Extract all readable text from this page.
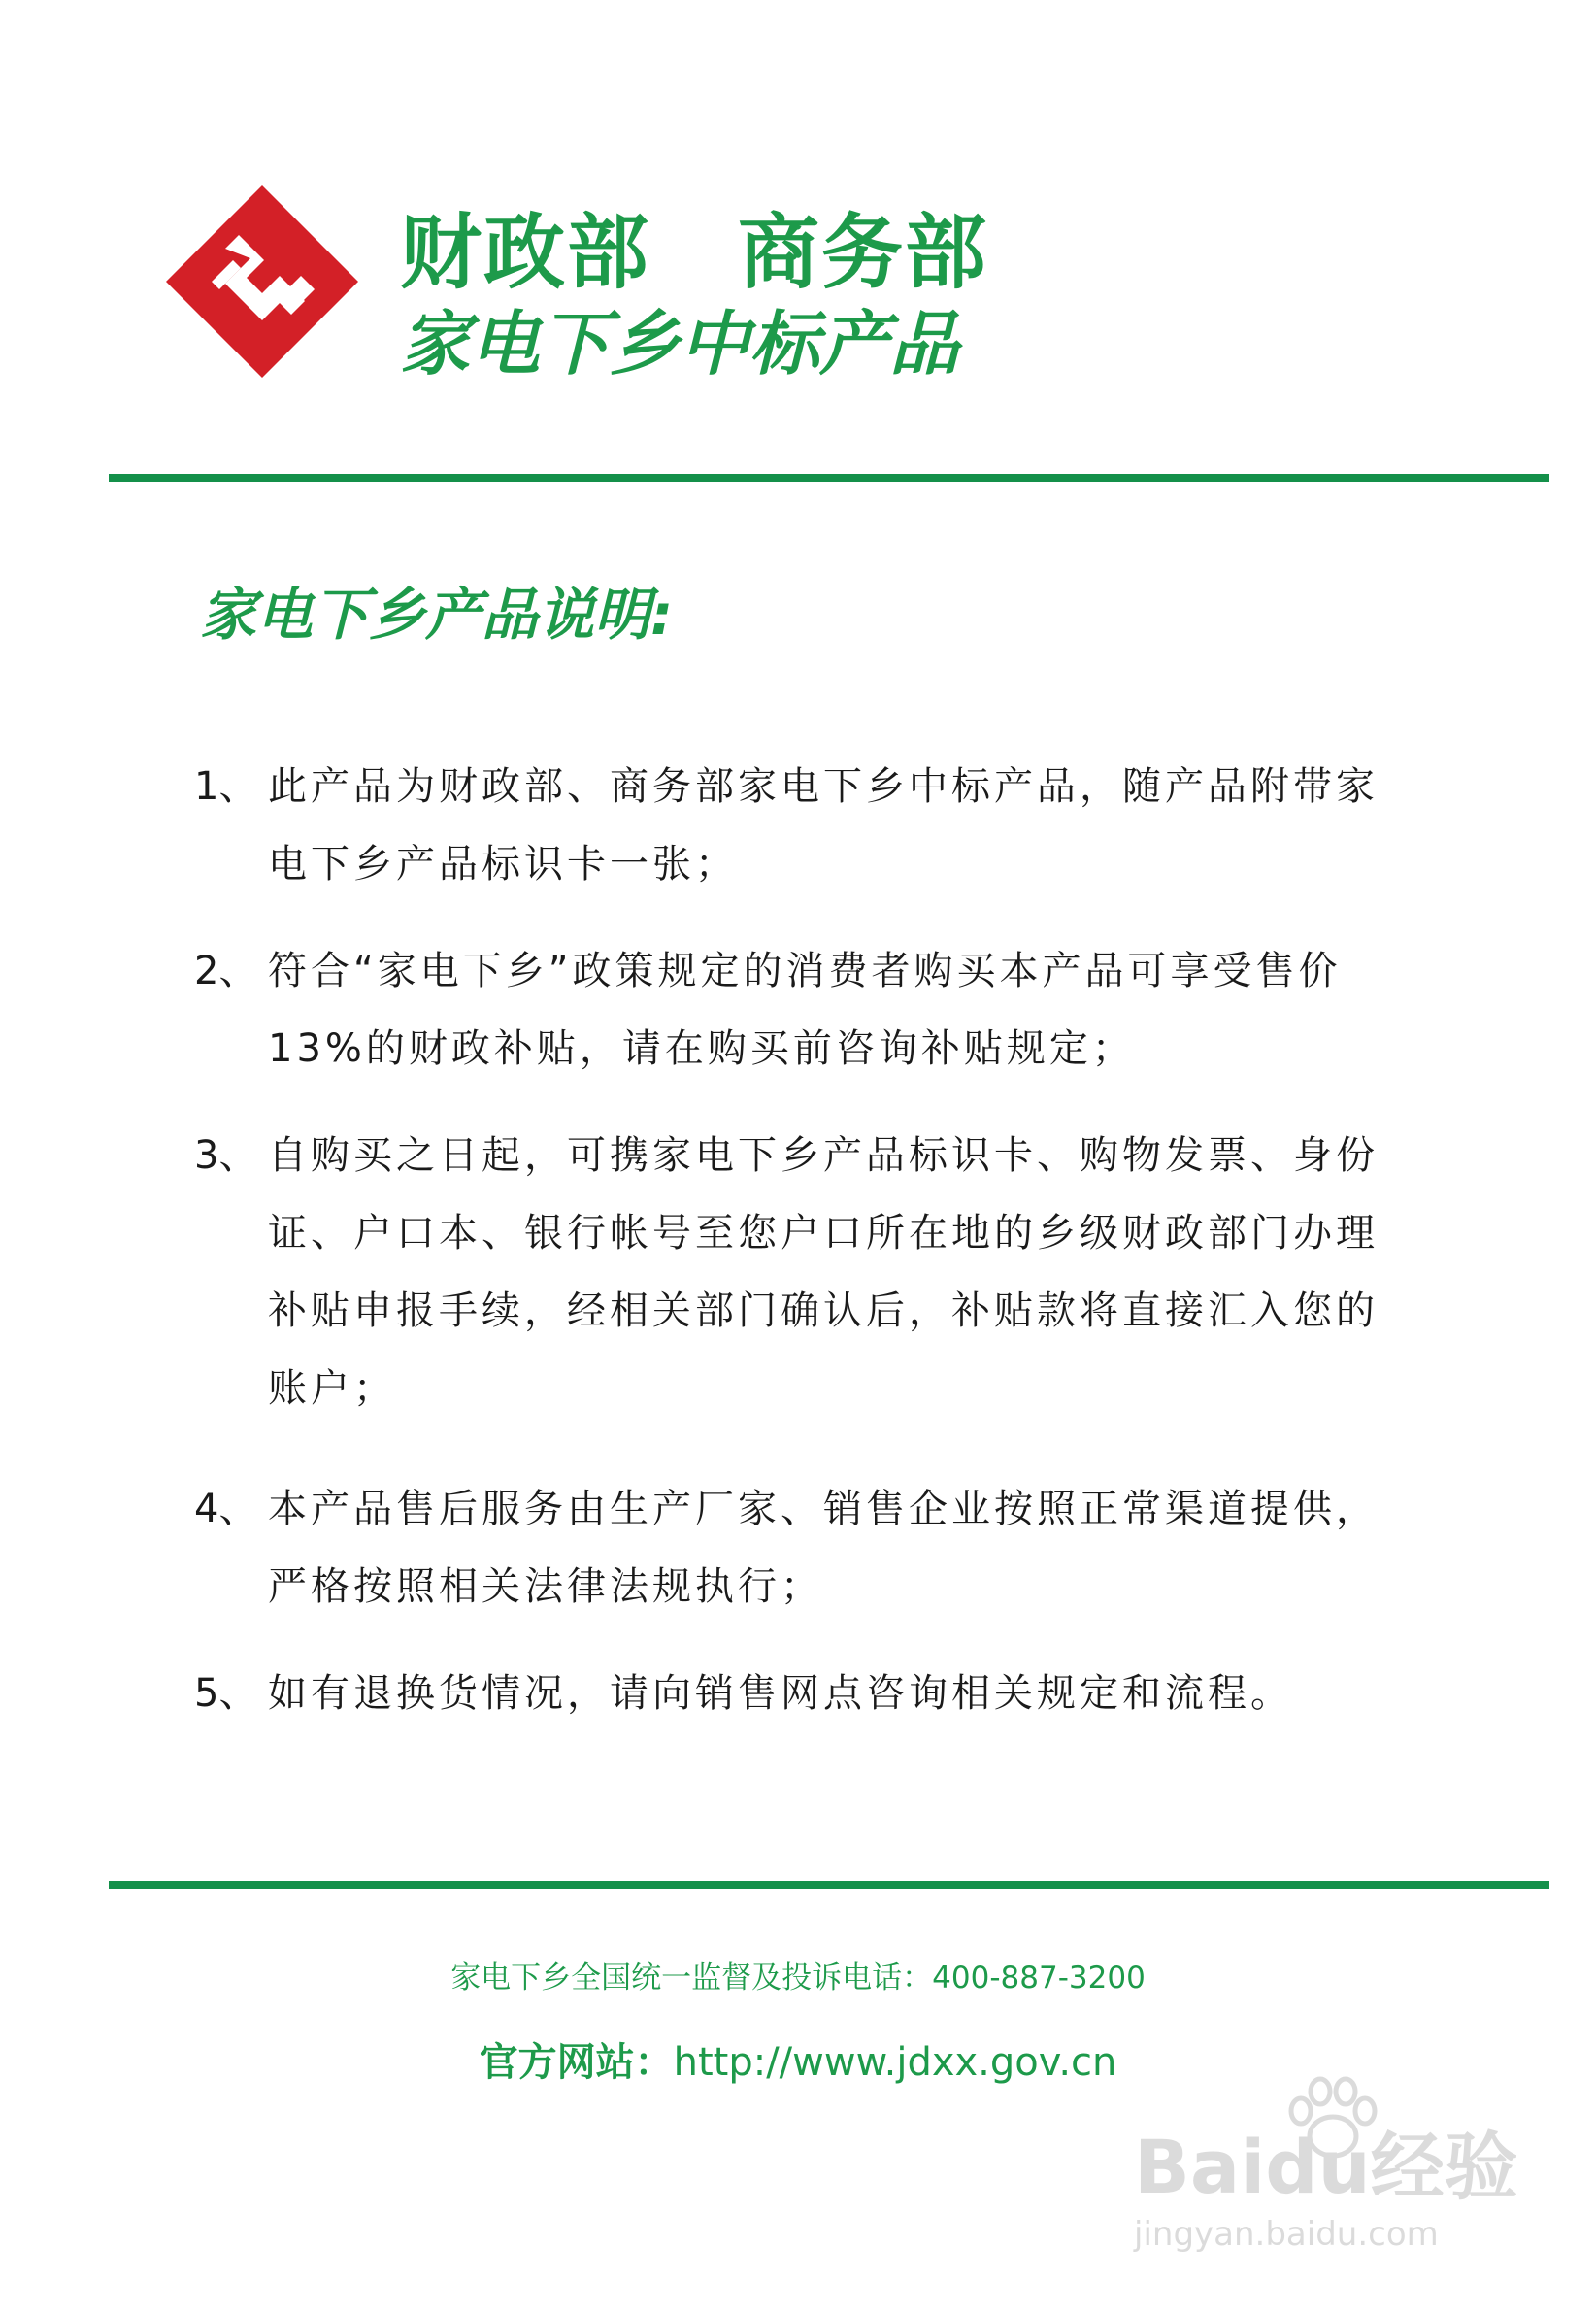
财政部 商务部
家电下乡中标产品
家电下乡产品说明:
1、 此产品为财政部、商务部家电下乡中标产品，随产品附带家
电下乡产品标识卡一张；
2、 符合“家电下乡”政策规定的消费者购买本产品可享受售价
13%的财政补贴，请在购买前咨询补贴规定；
3、 自购买之日起，可携家电下乡产品标识卡、购物发票、身份
证、户口本、银行帐号至您户口所在地的乡级财政部门办理
补贴申报手续，经相关部门确认后，补贴款将直接汇入您的
账户；
4、 本产品售后服务由生产厂家、销售企业按照正常渠道提供，
严格按照相关法律法规执行；
5、 如有退换货情况，请向销售网点咨询相关规定和流程。
家电下乡全国统一监督及投诉电话：400-887-3200
官方网站：http://www.jdxx.gov.cn
Baidu经验
jingyan.baidu.com
